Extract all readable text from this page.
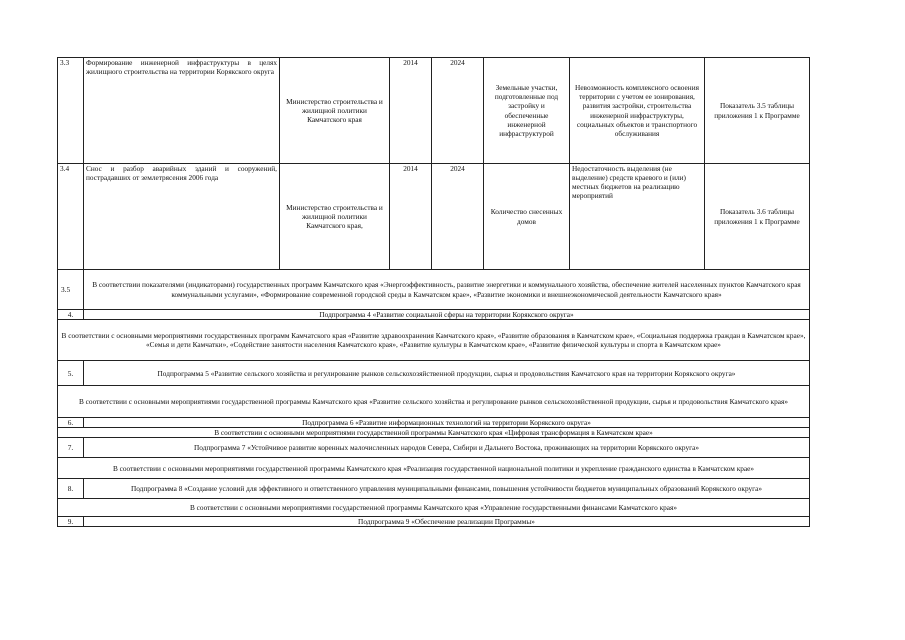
3.3	Формирование инженерной инфраструктуры в целях жилищного строительства на территории Корякского округа	Министерство строительства и жилищной политики Камчатского края	2014	2024	Земельные участки, подготовленные под застройку и обеспеченные инженерной инфраструктурой	Невозможность комплексного освоения территории с учетом ее зонирования, развития застройки, строительства инженерной инфраструктуры, социальных объектов и транспортного обслуживания	Показатель 3.5 таблицы приложения 1 к Программе
3.4	Снос и разбор аварийных зданий и сооружений, пострадавших от землетрясения 2006 года	Министерство строительства и жилищной политики Камчатского края,	2014	2024	Количество снесенных домов	Недостаточность выделения (не выделение) средств краевого и (или) местных бюджетов на реализацию мероприятий	Показатель 3.6 таблицы приложения 1 к Программе
3.5	В соответствии показателями (индикаторами) государственных программ Камчатского края «Энергоэффективность, развитие энергетики и коммунального хозяйства, обеспечение жителей населенных пунктов Камчатского края коммунальными услугами», «Формирование современной городской среды в Камчатском крае», «Развитие экономики и внешнеэкономической деятельности Камчатского края»						
4.	Подпрограмма 4 «Развитие социальной сферы на территории Корякского округа»						
В соответствии с основными мероприятиями государственных программ Камчатского края «Развитие здравоохранения Камчатского края», «Развитие образования в Камчатском крае», «Социальная поддержка граждан в Камчатском крае», «Семья и дети Камчатки», «Содействие занятости населения Камчатского края», «Развитие культуры в Камчатском крае», «Развитие физической культуры и спорта в Камчатском крае»							
5.	Подпрограмма 5 «Развитие сельского хозяйства и регулирование рынков сельскохозяйственной продукции, сырья и продовольствия Камчатского края на территории Корякского округа»						
В соответствии с основными мероприятиями государственной программы Камчатского края «Развитие сельского хозяйства и регулирование рынков сельскохозяйственной продукции, сырья и продовольствия Камчатского края»							
6.	Подпрограмма 6 «Развитие информационных технологий на территории Корякского округа»						
В соответствии с основными мероприятиями государственной программы Камчатского края «Цифровая трансформация в Камчатском крае»							
7.	Подпрограмма 7 «Устойчивое развитие коренных малочисленных народов Севера, Сибири и Дальнего Востока, проживающих на территории Корякского округа»						
В соответствии с основными мероприятиями государственной программы Камчатского края «Реализация государственной национальной политики и укрепление гражданского единства в Камчатском крае»							
8.	Подпрограмма 8 «Создание условий для эффективного и ответственного управления муниципальными финансами, повышения устойчивости бюджетов муниципальных образований Корякского округа»						
В соответствии с основными мероприятиями государственной программы Камчатского края «Управление государственными финансами Камчатского края»							
9.	Подпрограмма 9 «Обеспечение реализации Программы»						
